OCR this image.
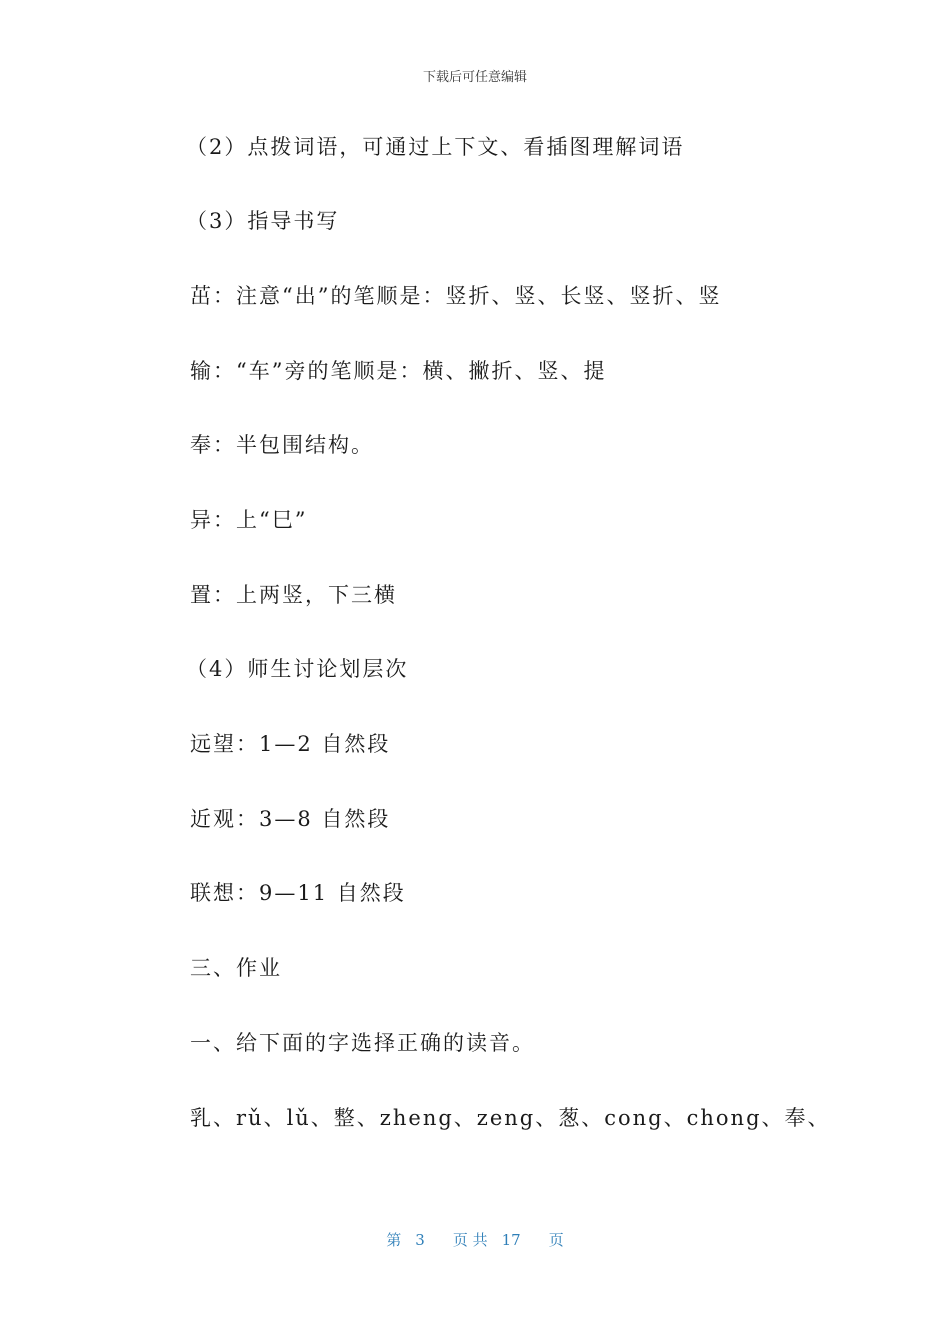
下载后可任意编辑
（2）点拨词语，可通过上下文、看插图理解词语
（3）指导书写
茁：注意“出”的笔顺是：竖折、竖、长竖、竖折、竖
输：“车”旁的笔顺是：横、撇折、竖、提
奉：半包围结构。
异：上“巳”
置：上两竖，下三横
（4）师生讨论划层次
远望：1—2 自然段
近观：3—8 自然段
联想：9—11 自然段
三、作业
一、给下面的字选择正确的读音。
乳、rǔ、lǔ、整、zheng、zeng、葱、cong、chong、奉、
第 3 页 共 17 页
